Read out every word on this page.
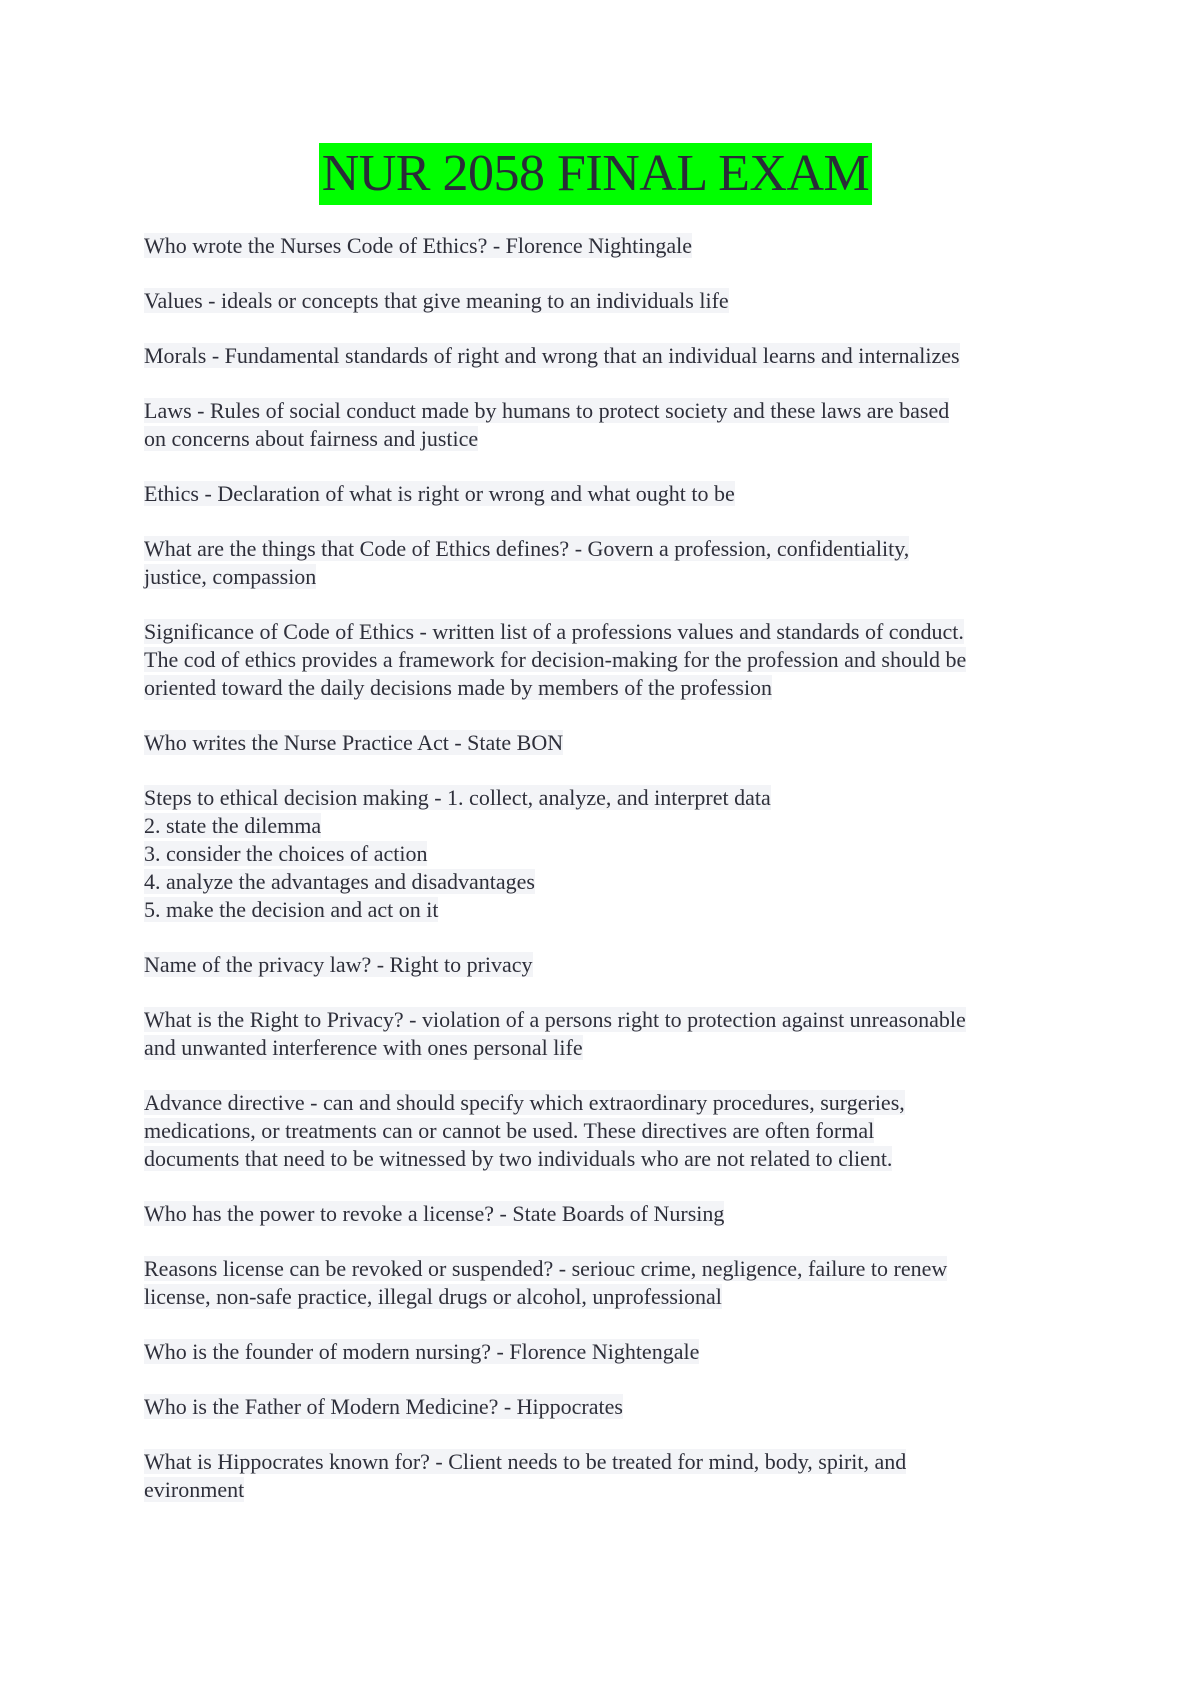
NUR 2058 FINAL EXAM
Who wrote the Nurses Code of Ethics? - Florence Nightingale
Values - ideals or concepts that give meaning to an individuals life
Morals - Fundamental standards of right and wrong that an individual learns and internalizes
Laws - Rules of social conduct made by humans to protect society and these laws are based
on concerns about fairness and justice
Ethics - Declaration of what is right or wrong and what ought to be
What are the things that Code of Ethics defines? - Govern a profession, confidentiality,
justice, compassion
Significance of Code of Ethics - written list of a professions values and standards of conduct.
The cod of ethics provides a framework for decision-making for the profession and should be
oriented toward the daily decisions made by members of the profession
Who writes the Nurse Practice Act - State BON
Steps to ethical decision making - 1. collect, analyze, and interpret data
2. state the dilemma
3. consider the choices of action
4. analyze the advantages and disadvantages
5. make the decision and act on it
Name of the privacy law? - Right to privacy
What is the Right to Privacy? - violation of a persons right to protection against unreasonable
and unwanted interference with ones personal life
Advance directive - can and should specify which extraordinary procedures, surgeries,
medications, or treatments can or cannot be used. These directives are often formal
documents that need to be witnessed by two individuals who are not related to client.
Who has the power to revoke a license? - State Boards of Nursing
Reasons license can be revoked or suspended? - seriouc crime, negligence, failure to renew
license, non-safe practice, illegal drugs or alcohol, unprofessional
Who is the founder of modern nursing? - Florence Nightengale
Who is the Father of Modern Medicine? - Hippocrates
What is Hippocrates known for? - Client needs to be treated for mind, body, spirit, and
evironment
